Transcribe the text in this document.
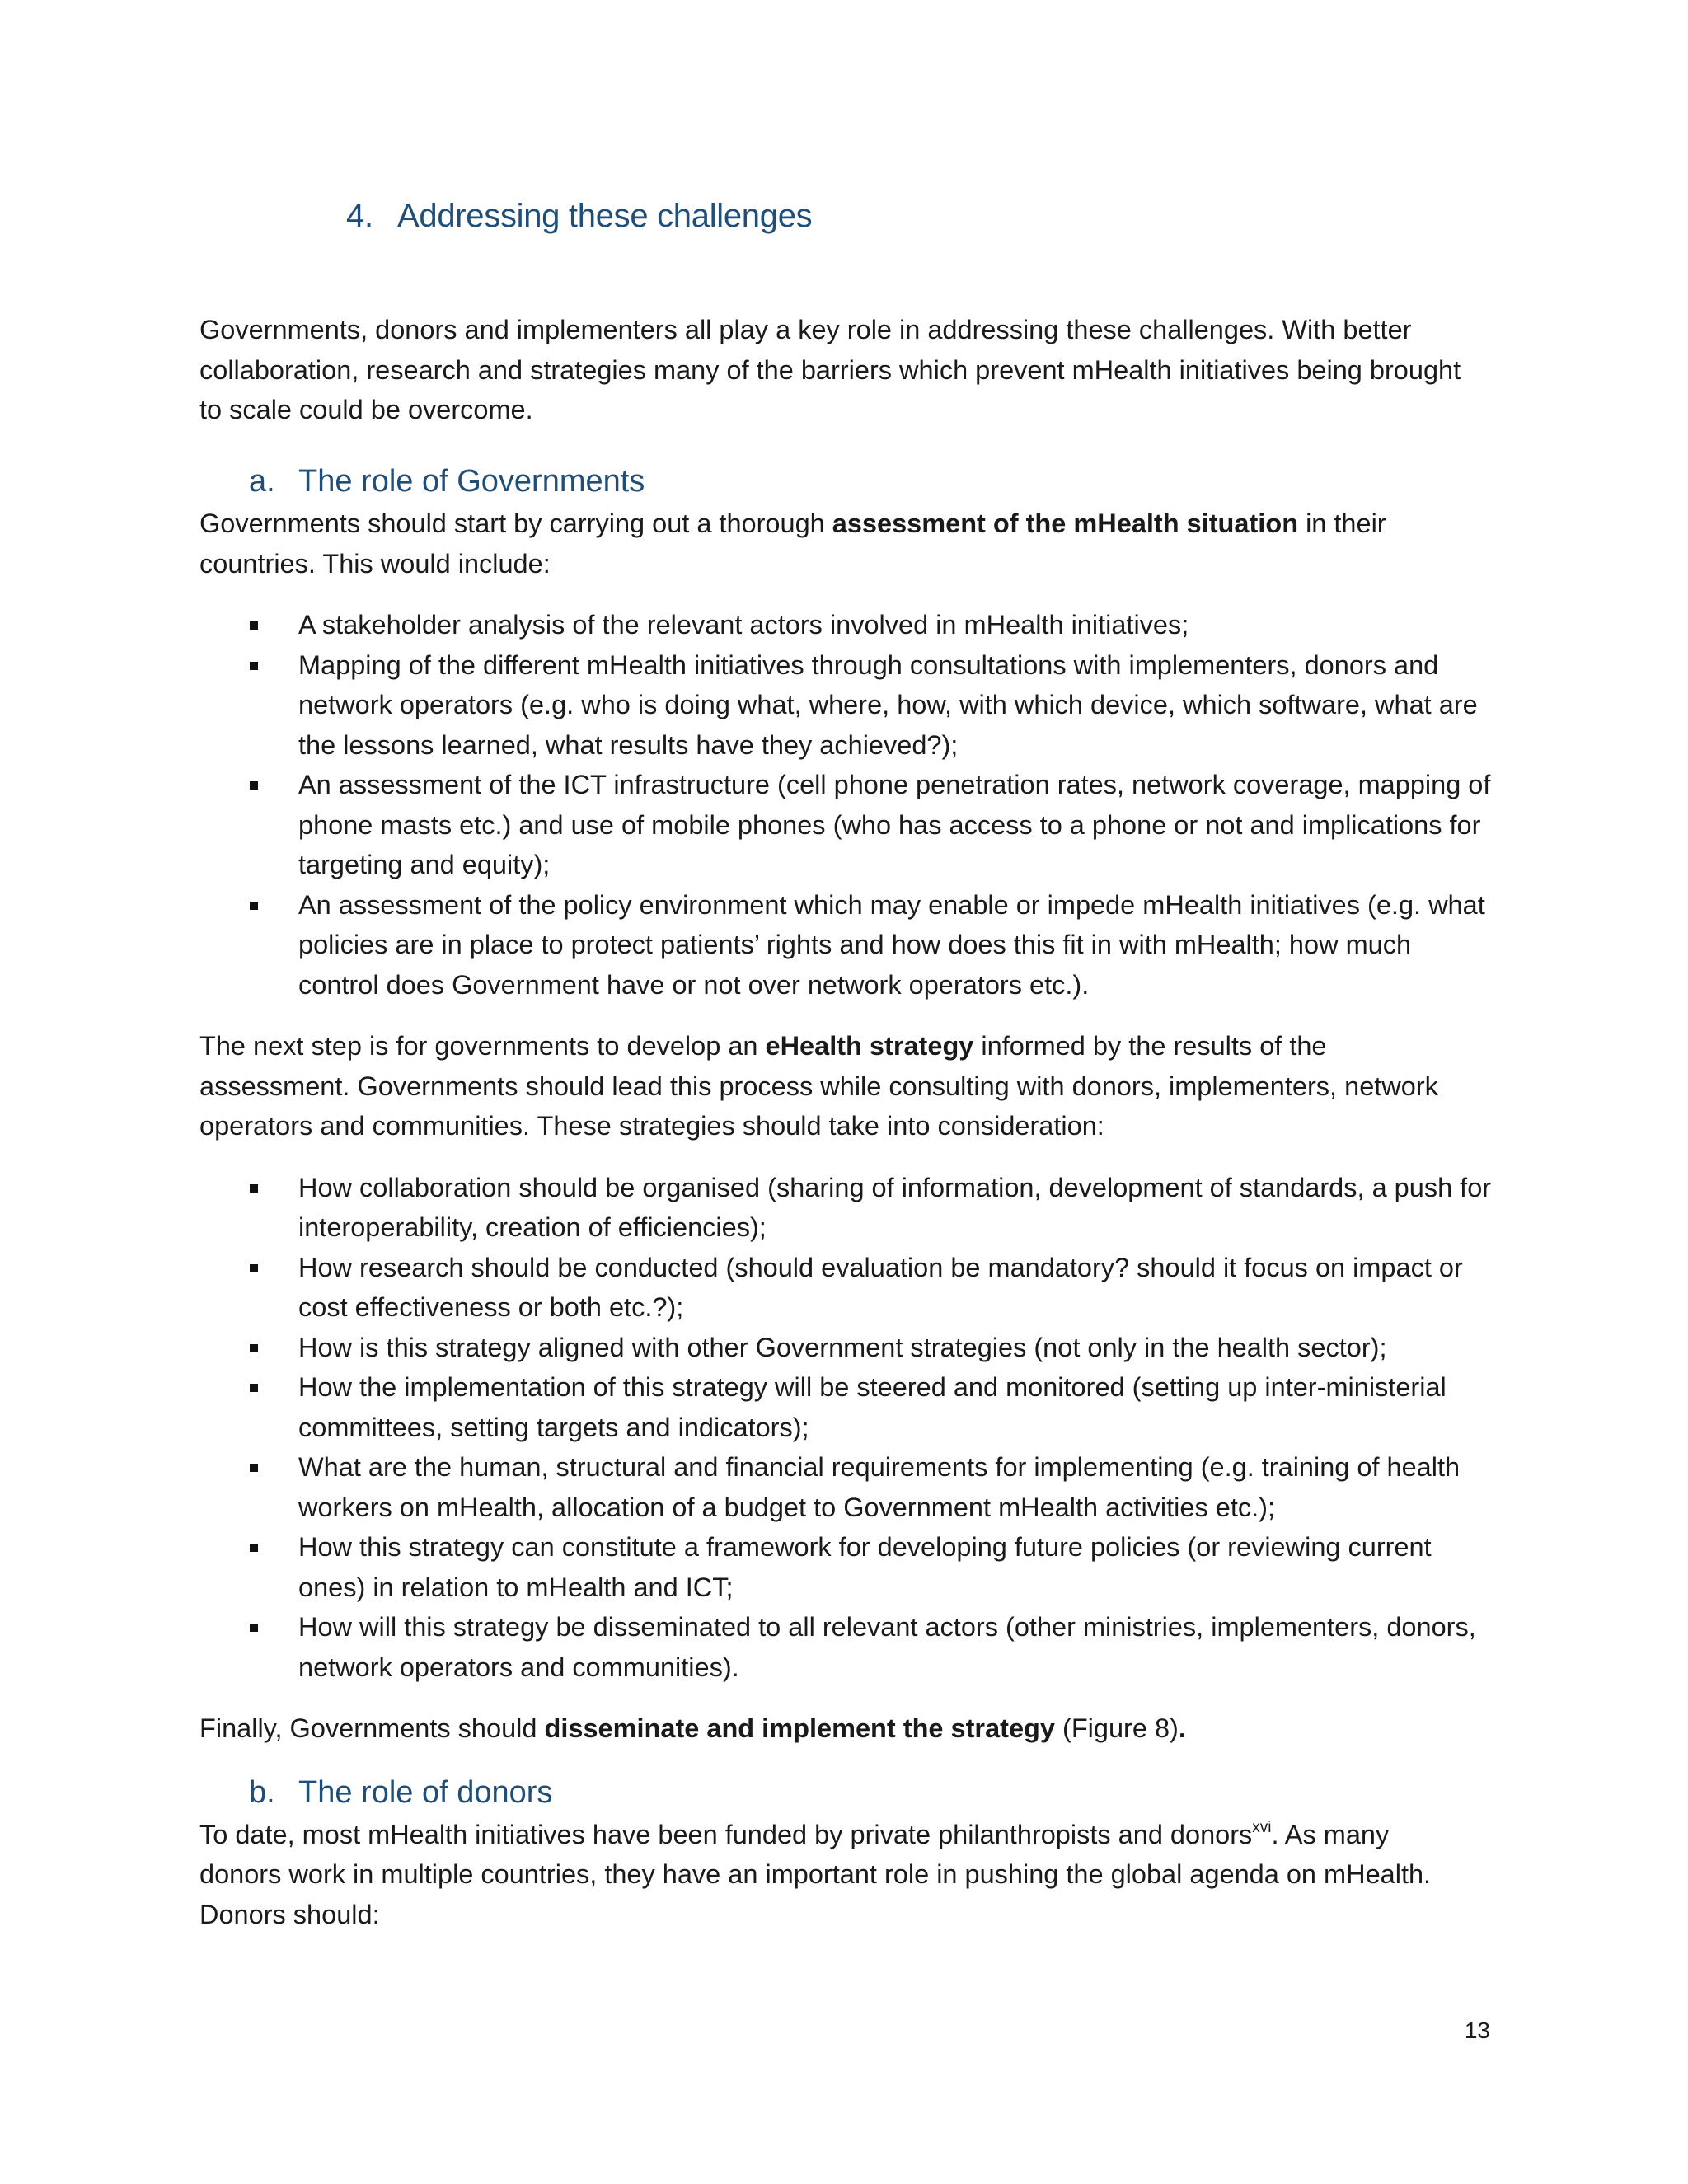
4. Addressing these challenges

Governments, donors and implementers all play a key role in addressing these challenges. With better collaboration, research and strategies many of the barriers which prevent mHealth initiatives being brought to scale could be overcome.

a. The role of Governments

Governments should start by carrying out a thorough assessment of the mHealth situation in their countries. This would include:

A stakeholder analysis of the relevant actors involved in mHealth initiatives;
Mapping of the different mHealth initiatives through consultations with implementers, donors and network operators (e.g. who is doing what, where, how, with which device, which software, what are the lessons learned, what results have they achieved?);
An assessment of the ICT infrastructure (cell phone penetration rates, network coverage, mapping of phone masts etc.) and use of mobile phones (who has access to a phone or not and implications for targeting and equity);
An assessment of the policy environment which may enable or impede mHealth initiatives (e.g. what policies are in place to protect patients’ rights and how does this fit in with mHealth; how much control does Government have or not over network operators etc.).

The next step is for governments to develop an eHealth strategy informed by the results of the assessment. Governments should lead this process while consulting with donors, implementers, network operators and communities. These strategies should take into consideration:

How collaboration should be organised (sharing of information, development of standards, a push for interoperability, creation of efficiencies);
How research should be conducted (should evaluation be mandatory? should it focus on impact or cost effectiveness or both etc.?);
How is this strategy aligned with other Government strategies (not only in the health sector);
How the implementation of this strategy will be steered and monitored (setting up inter-ministerial committees, setting targets and indicators);
What are the human, structural and financial requirements for implementing (e.g. training of health workers on mHealth, allocation of a budget to Government mHealth activities etc.);
How this strategy can constitute a framework for developing future policies (or reviewing current ones) in relation to mHealth and ICT;
How will this strategy be disseminated to all relevant actors (other ministries, implementers, donors, network operators and communities).

Finally, Governments should disseminate and implement the strategy (Figure 8).

b. The role of donors

To date, most mHealth initiatives have been funded by private philanthropists and donors$^{xvi}$. As many donors work in multiple countries, they have an important role in pushing the global agenda on mHealth. Donors should:

13
